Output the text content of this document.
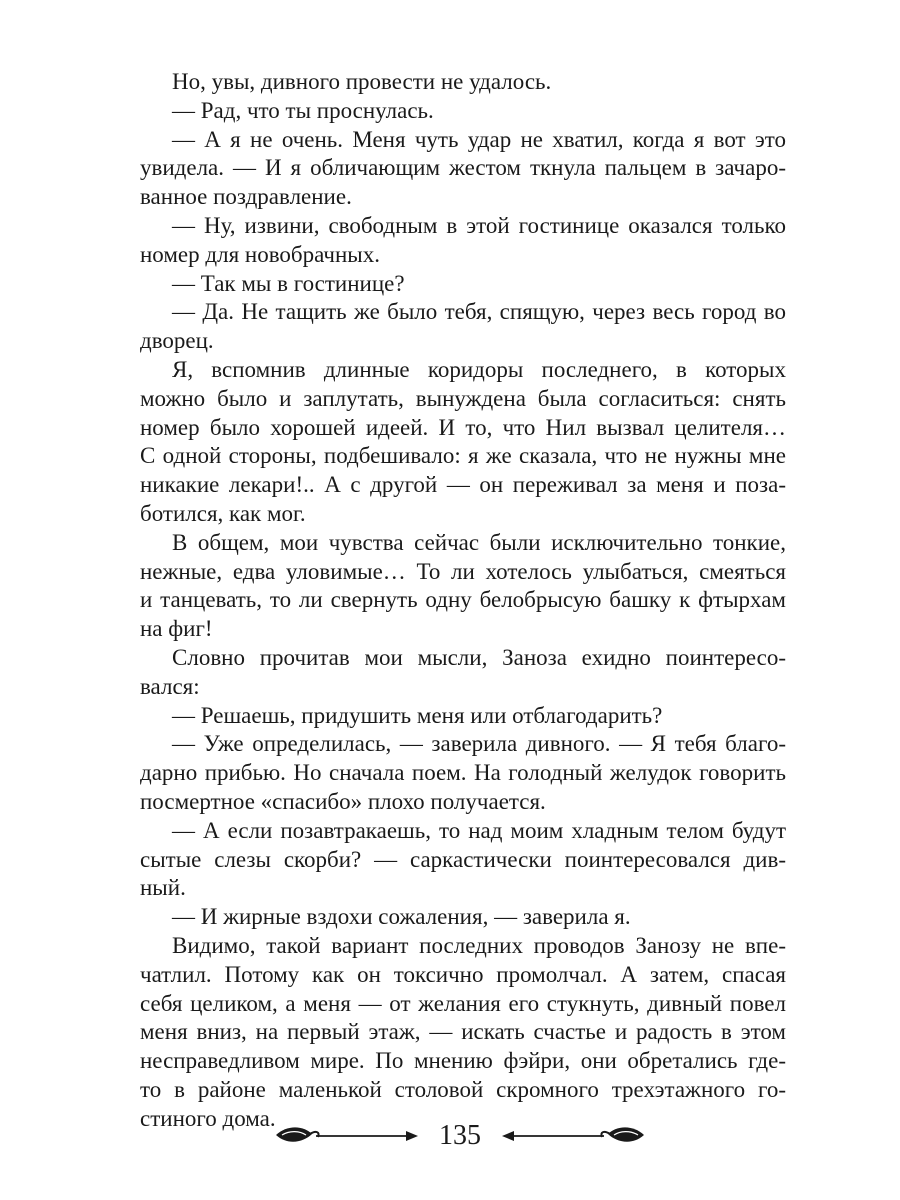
Но, увы, дивного провести не удалось.
— Рад, что ты проснулась.
— А я не очень. Меня чуть удар не хватил, когда я вот это
увидела. — И я обличающим жестом ткнула пальцем в зачаро-
ванное поздравление.
— Ну, извини, свободным в этой гостинице оказался только
номер для новобрачных.
— Так мы в гостинице?
— Да. Не тащить же было тебя, спящую, через весь город во
дворец.
Я, вспомнив длинные коридоры последнего, в которых
можно было и заплутать, вынуждена была согласиться: снять
номер было хорошей идеей. И то, что Нил вызвал целителя…
С одной стороны, подбешивало: я же сказала, что не нужны мне
никакие лекари!.. А с другой — он переживал за меня и поза-
ботился, как мог.
В общем, мои чувства сейчас были исключительно тонкие,
нежные, едва уловимые… То ли хотелось улыбаться, смеяться
и танцевать, то ли свернуть одну белобрысую башку к фтырхам
на фиг!
Словно прочитав мои мысли, Заноза ехидно поинтересо-
вался:
— Решаешь, придушить меня или отблагодарить?
— Уже определилась, — заверила дивного. — Я тебя благо-
дарно прибью. Но сначала поем. На голодный желудок говорить
посмертное «спасибо» плохо получается.
— А если позавтракаешь, то над моим хладным телом будут
сытые слезы скорби? — саркастически поинтересовался див-
ный.
— И жирные вздохи сожаления, — заверила я.
Видимо, такой вариант последних проводов Занозу не впе-
чатлил. Потому как он токсично промолчал. А затем, спасая
себя целиком, а меня — от желания его стукнуть, дивный повел
меня вниз, на первый этаж, — искать счастье и радость в этом
несправедливом мире. По мнению фэйри, они обретались где-
то в районе маленькой столовой скромного трехэтажного го-
стиного дома.
135
